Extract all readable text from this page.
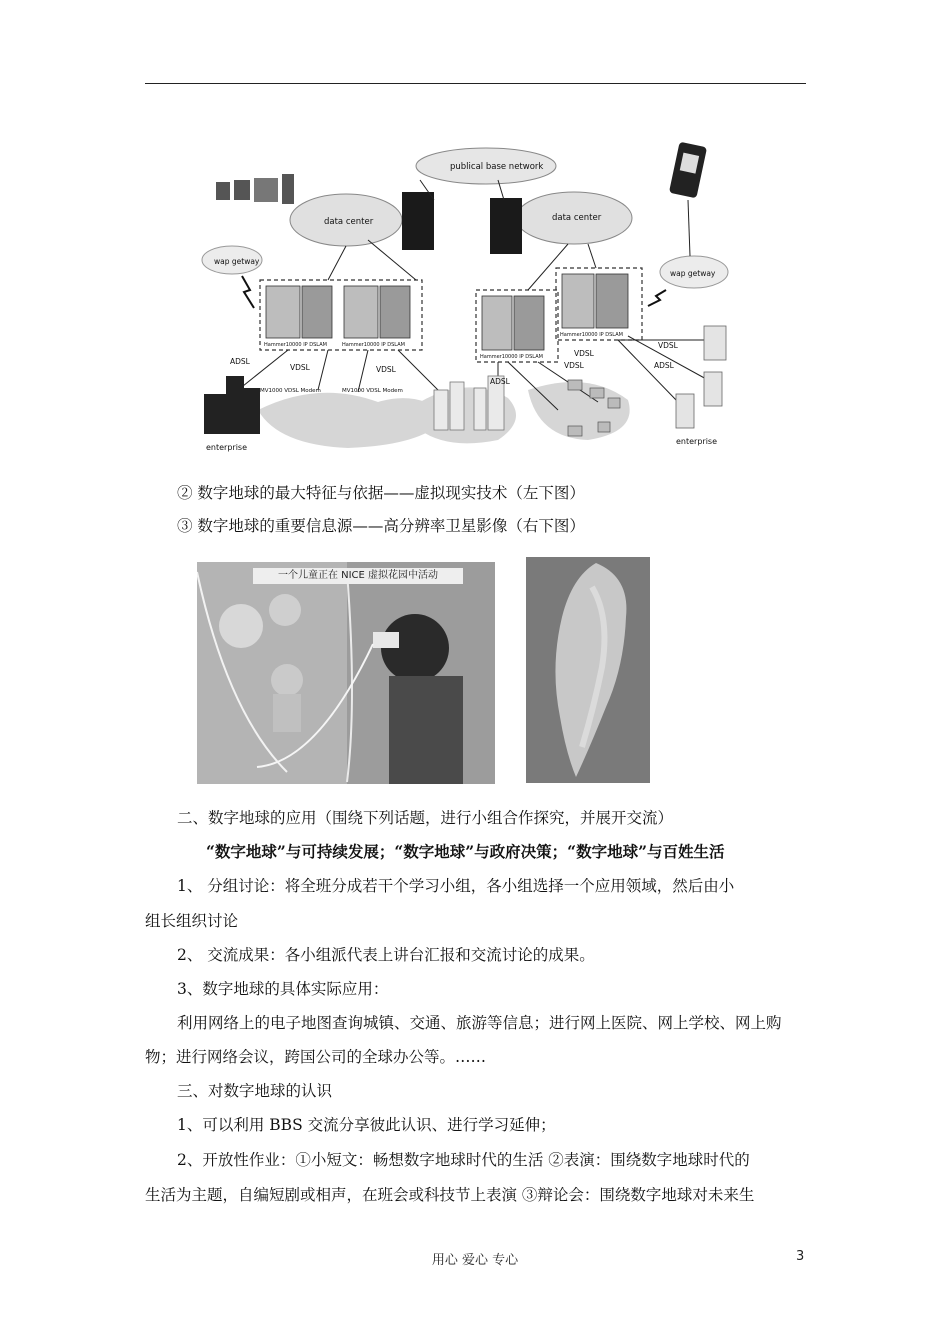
publical base network
data center	data center
wap getway
wap getway
Hammer10000 IP DSLAM	Hammer10000 IP DSLAM
Hammer10000 IP DSLAM
Hammer10000 IP DSLAM
ADSL
VDSL	VDSL
MV1000 VDSL Modem	MV1000 VDSL Modem
ADSL
VDSL
VDSL
VDSL
ADSL
enterprise
enterprise
② 数字地球的最大特征与依据——虚拟现实技术（左下图）
③ 数字地球的重要信息源——高分辨率卫星影像（右下图）
一个儿童正在 NICE 虚拟花园中活动
二、数字地球的应用（围绕下列话题，进行小组合作探究，并展开交流）
“数字地球”与可持续发展；“数字地球”与政府决策；“数字地球”与百姓生活
1、 分组讨论：将全班分成若干个学习小组，各小组选择一个应用领域，然后由小
组长组织讨论
2、 交流成果：各小组派代表上讲台汇报和交流讨论的成果。
3、数字地球的具体实际应用：
利用网络上的电子地图查询城镇、交通、旅游等信息；进行网上医院、网上学校、网上购
物；进行网络会议，跨国公司的全球办公等。……
三、对数字地球的认识
1、可以利用 BBS 交流分享彼此认识、进行学习延伸；
2、开放性作业：①小短文：畅想数字地球时代的生活 ②表演：围绕数字地球时代的
生活为主题，自编短剧或相声，在班会或科技节上表演 ③辩论会：围绕数字地球对未来生
用心 爱心 专心	3
